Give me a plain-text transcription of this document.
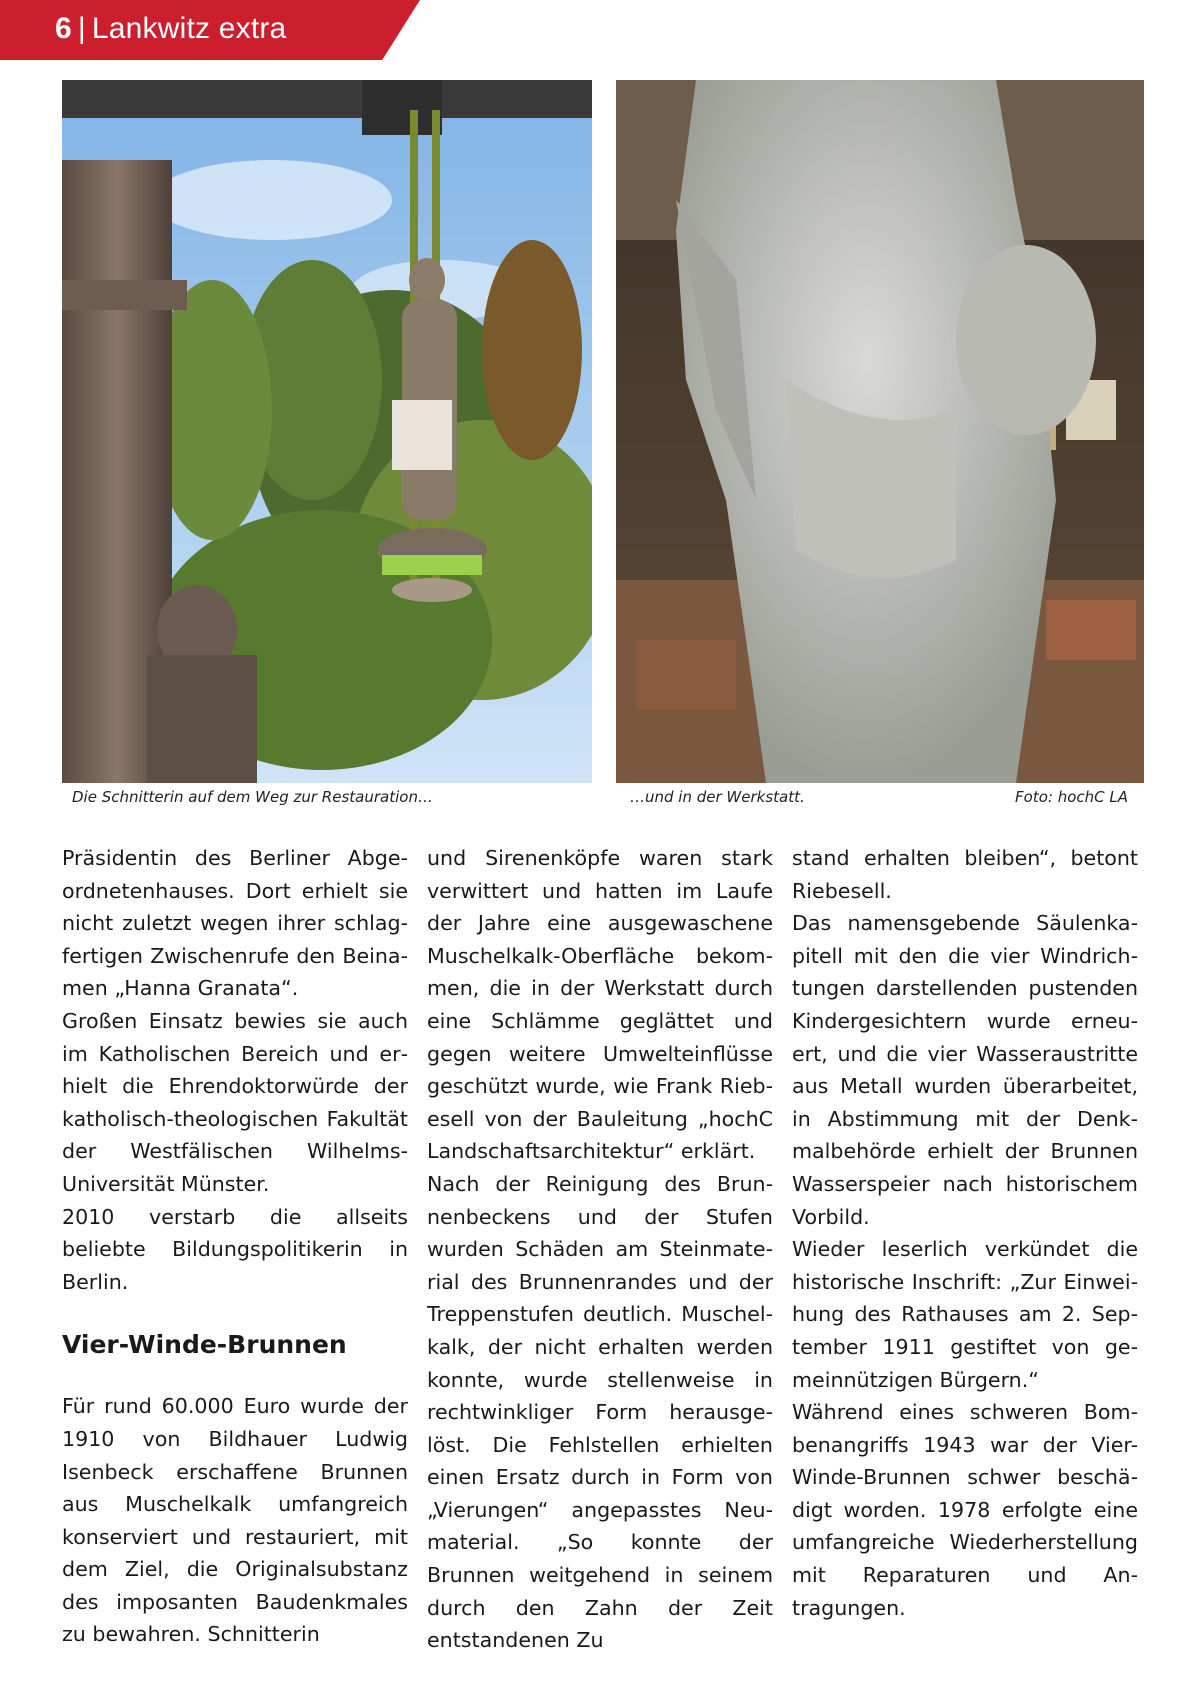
6 | Lankwitz extra
Die Schnitterin auf dem Weg zur Restauration…	…und in der Werkstatt.	Foto: hochC LA

Präsidentin des Berliner Abgeordnetenhauses. Dort erhielt sie nicht zuletzt wegen ihrer schlagfertigen Zwischenrufe den Beinamen „Hanna Granata“.

Großen Einsatz bewies sie auch im Katholischen Bereich und erhielt die Ehrendoktorwürde der katholisch-theologischen Fakultät der Westfälischen Wilhelms-Universität Münster.

2010 verstarb die allseits beliebte Bildungspolitikerin in Berlin.

Vier-Winde-Brunnen

Für rund 60.000 Euro wurde der 1910 von Bildhauer Ludwig Isenbeck erschaffene Brunnen aus Muschelkalk umfangreich konserviert und restauriert, mit dem Ziel, die Originalsubstanz des imposanten Baudenkmales zu bewahren. Schnitterin

und Sirenenköpfe waren stark verwittert und hatten im Laufe der Jahre eine ausgewaschene Muschelkalk-Oberfläche bekommen, die in der Werkstatt durch eine Schlämme geglättet und gegen weitere Umwelteinflüsse geschützt wurde, wie Frank Riebesell von der Bauleitung „hochC Landschaftsarchitektur“ erklärt.

Nach der Reinigung des Brunnenbeckens und der Stufen wurden Schäden am Steinmaterial des Brunnenrandes und der Treppenstufen deutlich. Muschelkalk, der nicht erhalten werden konnte, wurde stellenweise in rechtwinkliger Form herausgelöst. Die Fehlstellen erhielten einen Ersatz durch in Form von „Vierungen“ angepasstes Neumaterial. „So konnte der Brunnen weitgehend in seinem durch den Zahn der Zeit entstandenen Zu

stand erhalten bleiben“, betont Riebesell.

Das namensgebende Säulenkapitell mit den die vier Windrichtungen darstellenden pustenden Kindergesichtern wurde erneuert, und die vier Wasseraustritte aus Metall wurden überarbeitet, in Abstimmung mit der Denkmalbehörde erhielt der Brunnen Wasserspeier nach historischem Vorbild.

Wieder leserlich verkündet die historische Inschrift: „Zur Einweihung des Rathauses am 2. September 1911 gestiftet von gemeinnützigen Bürgern.“

Während eines schweren Bombenangriffs 1943 war der Vier-Winde-Brunnen schwer beschädigt worden. 1978 erfolgte eine umfangreiche Wiederherstellung mit Reparaturen und Antragungen.
